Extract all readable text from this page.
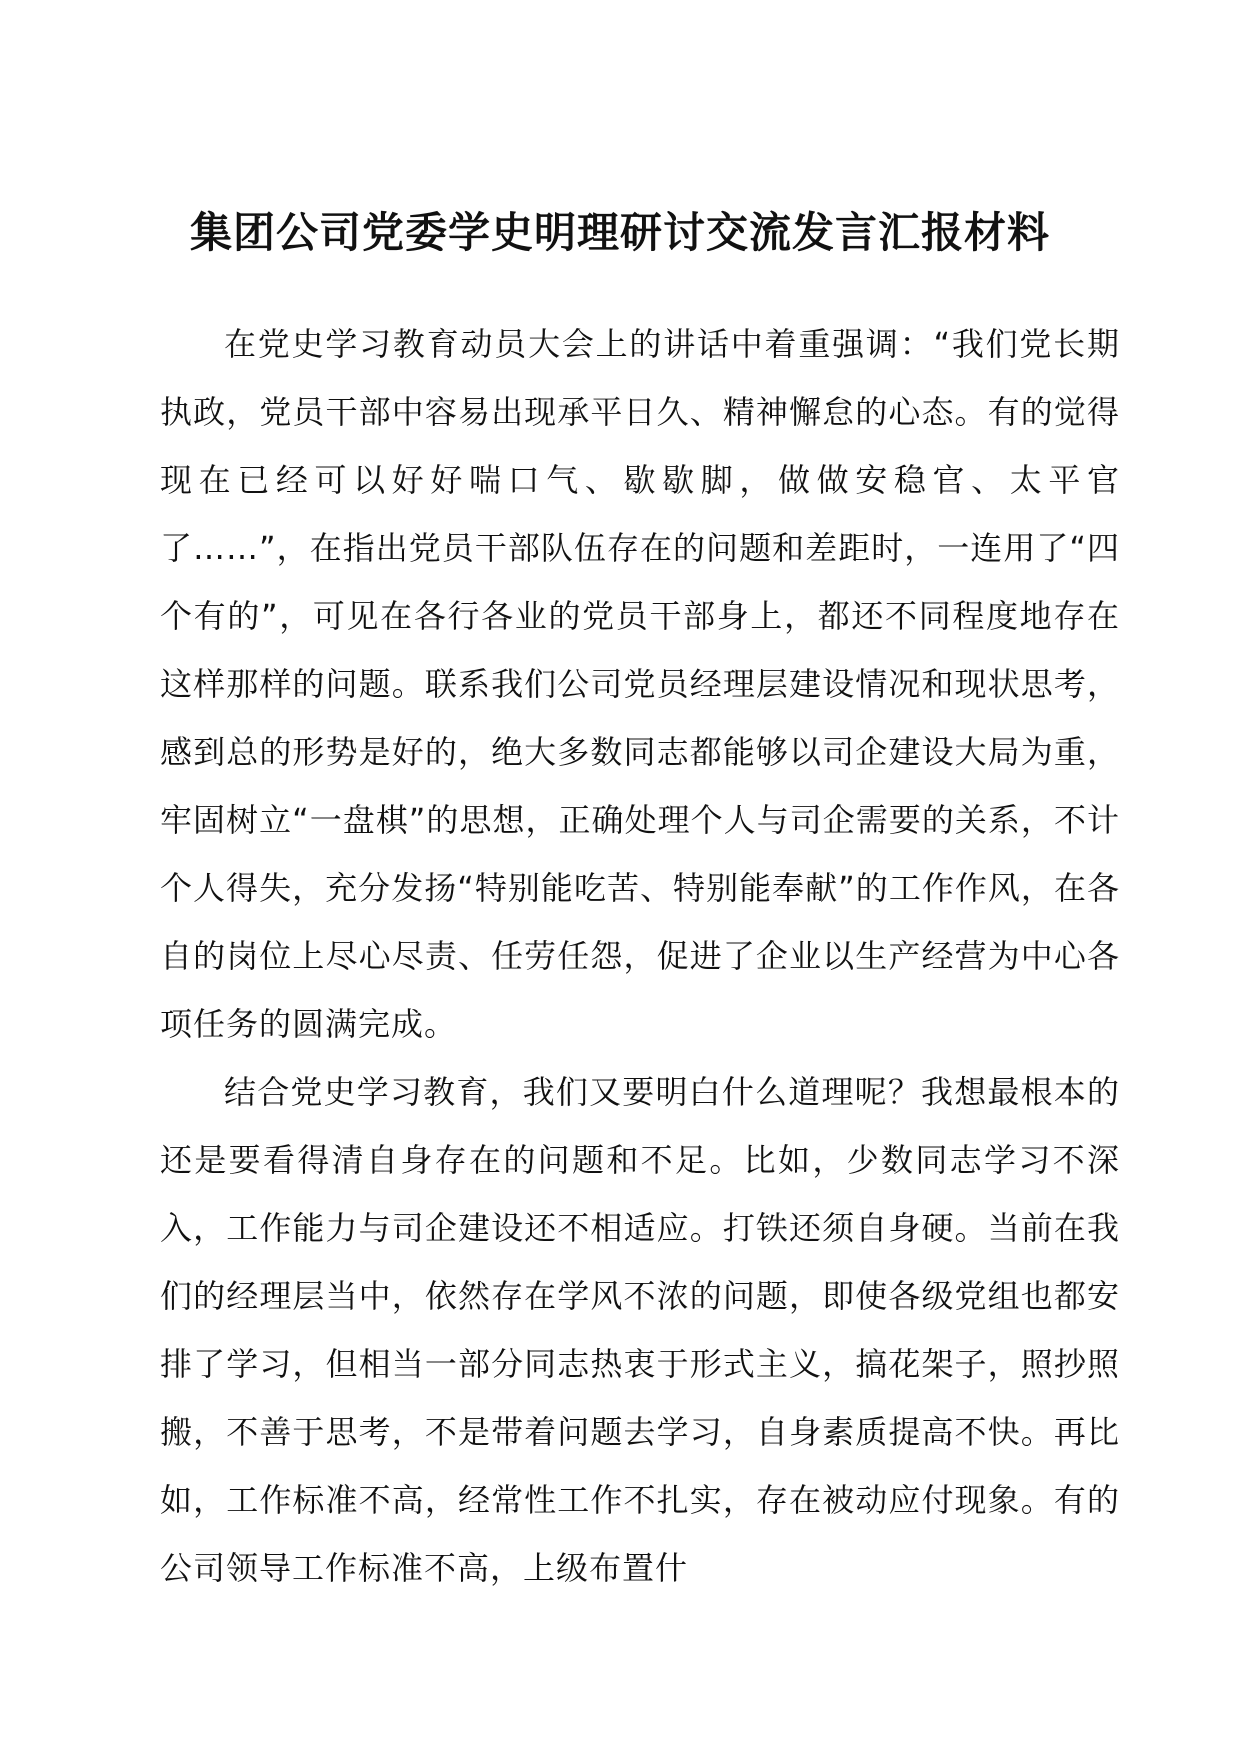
集团公司党委学史明理研讨交流发言汇报材料

在党史学习教育动员大会上的讲话中着重强调：“我们党长期执政，党员干部中容易出现承平日久、精神懈怠的心态。有的觉得现在已经可以好好喘口气、歇歇脚，做做安稳官、太平官了……”，在指出党员干部队伍存在的问题和差距时，一连用了“四个有的”，可见在各行各业的党员干部身上，都还不同程度地存在这样那样的问题。联系我们公司党员经理层建设情况和现状思考，感到总的形势是好的，绝大多数同志都能够以司企建设大局为重，牢固树立“一盘棋”的思想，正确处理个人与司企需要的关系，不计个人得失，充分发扬“特别能吃苦、特别能奉献”的工作作风，在各自的岗位上尽心尽责、任劳任怨，促进了企业以生产经营为中心各项任务的圆满完成。

结合党史学习教育，我们又要明白什么道理呢？我想最根本的还是要看得清自身存在的问题和不足。比如，少数同志学习不深入，工作能力与司企建设还不相适应。打铁还须自身硬。当前在我们的经理层当中，依然存在学风不浓的问题，即使各级党组也都安排了学习，但相当一部分同志热衷于形式主义，搞花架子，照抄照搬，不善于思考，不是带着问题去学习，自身素质提高不快。再比如，工作标准不高，经常性工作不扎实，存在被动应付现象。有的公司领导工作标准不高，上级布置什
